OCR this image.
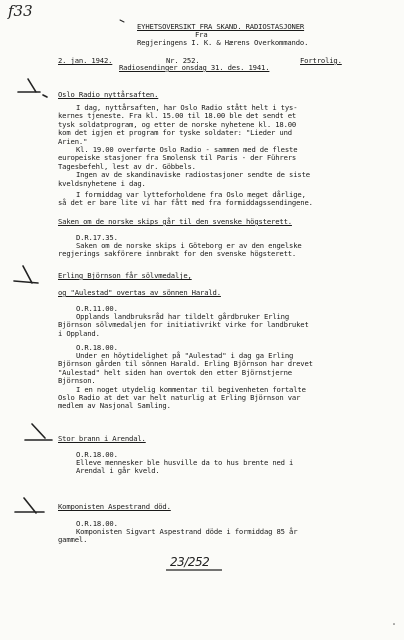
f33
EYHETSOVERSIKT FRA SKAND. RADIOSTASJONER
Fra
Regjeringens I. K. & Hærens Overkommando.
2. jan. 1942.	Nr. 252.	Fortrolig.
Radiosendinger onsdag 31. des. 1941.
Oslo Radio nyttårsaften.
I dag, nyttårsaften, har Oslo Radio stått helt i tys-
kernes tjeneste. Fra kl. 15.00 til 18.00 ble det sendt et
tysk soldatprogram, og etter de norske nyhetene kl. 18.00
kom det igjen et program for tyske soldater: "Lieder und
Arien."
Kl. 19.00 overførte Oslo Radio - sammen med de fleste
europeiske stasjoner fra Smolensk til Paris - der Führers
Tagesbefehl, lest av dr. Göbbels.
Ingen av de skandinaviske radiostasjoner sendte de siste
kveldsnyhetene i dag.
I formiddag var lytteforholdene fra Oslo meget dårlige,
så det er bare lite vi har fått med fra formiddagssendingene.
Saken om de norske skips går til den svenske högsterett.
D.R.17.35.
Saken om de norske skips i Göteborg er av den engelske
regjerings sakförere innbrakt for den svenske högsterett.
Erling Björnson får sölvmedalje,
og "Aulestad" overtas av sönnen Harald.
O.R.11.00.
Opplands landbruksråd har tildelt gårdbruker Erling
Björnson sölvmedaljen for initiativrikt virke for landbruket
i Oppland.
O.R.18.00.
Under en höytidelighet på "Aulestad" i dag ga Erling
Björnson gården til sönnen Harald. Erling Björnson har drevet
"Aulestad" helt siden han overtok den etter Björnstjerne
Björnson.
I en noget utydelig kommentar til begivenheten fortalte
Oslo Radio at det var helt naturlig at Erling Björnson var
medlem av Nasjonal Samling.
Stor brann i Arendal.
O.R.18.00.
Elleve mennesker ble husville da to hus brente ned i
Arendal i går kveld.
Komponisten Aspestrand död.
O.R.18.00.
Komponisten Sigvart Aspestrand döde i formiddag 85 år
gammel.
23/252
